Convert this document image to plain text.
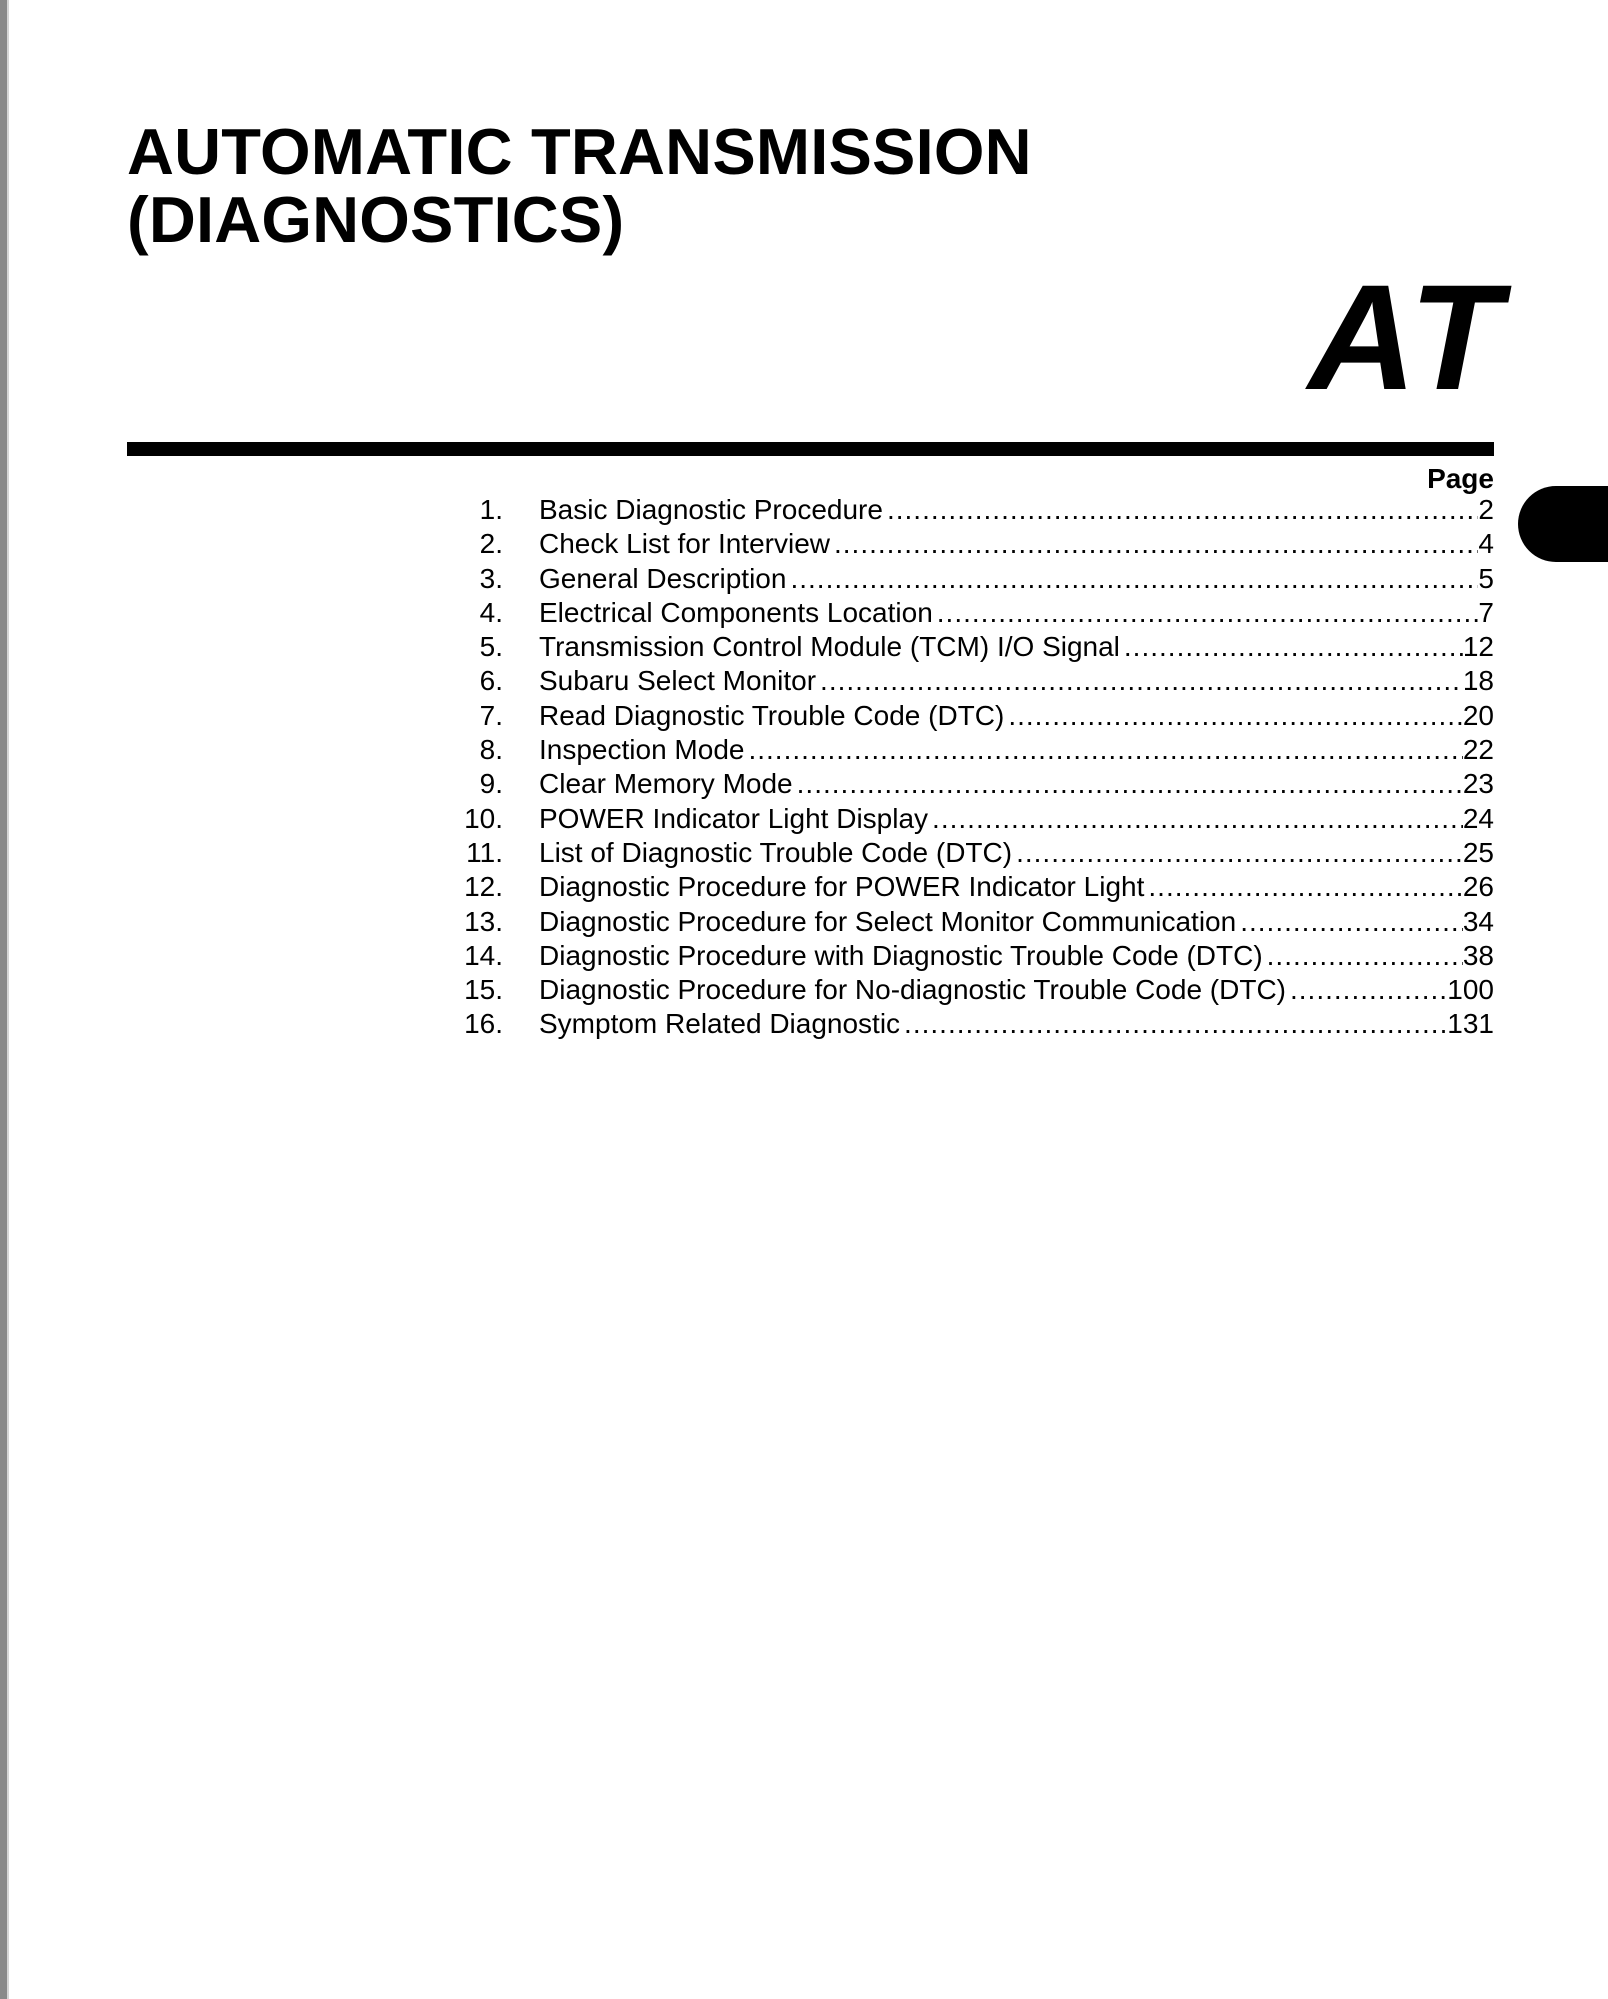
AUTOMATIC TRANSMISSION
(DIAGNOSTICS)
AT
Page
1. Basic Diagnostic Procedure .....	2
2. Check List for Interview .....	4
3. General Description .....	5
4. Electrical Components Location .....	7
5. Transmission Control Module (TCM) I/O Signal .....	12
6. Subaru Select Monitor .....	18
7. Read Diagnostic Trouble Code (DTC) .....	20
8. Inspection Mode .....	22
9. Clear Memory Mode .....	23
10. POWER Indicator Light Display .....	24
11. List of Diagnostic Trouble Code (DTC) .....	25
12. Diagnostic Procedure for POWER Indicator Light .....	26
13. Diagnostic Procedure for Select Monitor Communication .....	34
14. Diagnostic Procedure with Diagnostic Trouble Code (DTC) .....	38
15. Diagnostic Procedure for No-diagnostic Trouble Code (DTC) .....	100
16. Symptom Related Diagnostic .....	131
